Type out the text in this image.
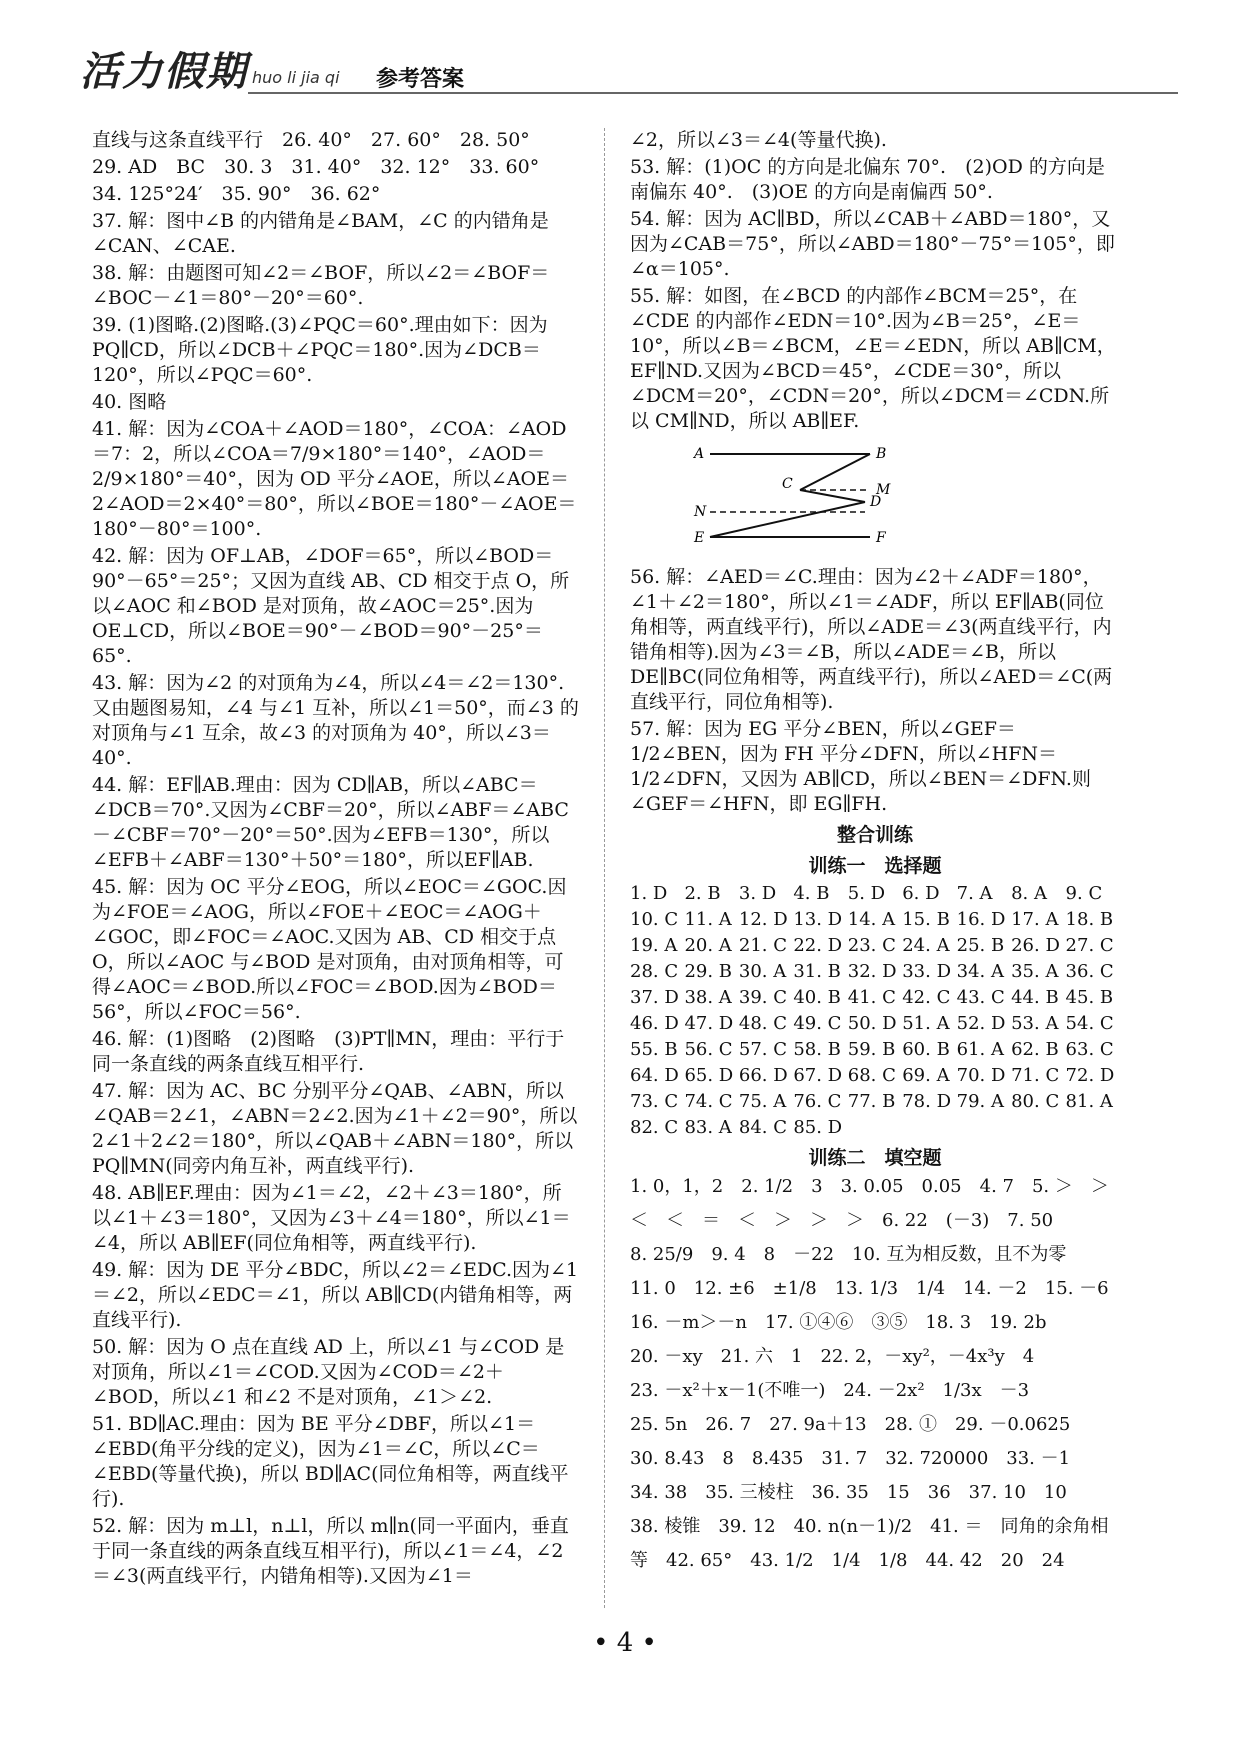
活力假期 huo li jia qi 参考答案
直线与这条直线平行　26. 40°　27. 60°　28. 50°
29. AD　BC　30. 3　31. 40°　32. 12°　33. 60°
34. 125°24′　35. 90°　36. 62°
37. 解：图中∠B 的内错角是∠BAM，∠C 的内错角是∠CAN、∠CAE.
38. 解：由题图可知∠2＝∠BOF，所以∠2＝∠BOF＝∠BOC－∠1＝80°－20°＝60°.
39. (1)图略.(2)图略.(3)∠PQC＝60°.理由如下：因为PQ∥CD，所以∠DCB＋∠PQC＝180°.因为∠DCB＝120°，所以∠PQC＝60°.
40. 图略
41. 解：因为∠COA＋∠AOD＝180°，∠COA：∠AOD＝7：2，所以∠COA＝7/9×180°＝140°，∠AOD＝2/9×180°＝40°，因为 OD 平分∠AOE，所以∠AOE＝2∠AOD＝2×40°＝80°，所以∠BOE＝180°－∠AOE＝180°－80°＝100°.
42. 解：因为 OF⊥AB，∠DOF＝65°，所以∠BOD＝90°－65°＝25°；又因为直线 AB、CD 相交于点 O，所以∠AOC 和∠BOD 是对顶角，故∠AOC＝25°.因为OE⊥CD，所以∠BOE＝90°－∠BOD＝90°－25°＝65°.
43. 解：因为∠2 的对顶角为∠4，所以∠4＝∠2＝130°.又由题图易知，∠4 与∠1 互补，所以∠1＝50°，而∠3 的对顶角与∠1 互余，故∠3 的对顶角为 40°，所以∠3＝40°.
44. 解：EF∥AB.理由：因为 CD∥AB，所以∠ABC＝∠DCB＝70°.又因为∠CBF＝20°，所以∠ABF＝∠ABC－∠CBF＝70°－20°＝50°.因为∠EFB＝130°，所以∠EFB＋∠ABF＝130°＋50°＝180°，所以EF∥AB.
45. 解：因为 OC 平分∠EOG，所以∠EOC＝∠GOC.因为∠FOE＝∠AOG，所以∠FOE＋∠EOC＝∠AOG＋∠GOC，即∠FOC＝∠AOC.又因为 AB、CD 相交于点O，所以∠AOC 与∠BOD 是对顶角，由对顶角相等，可得∠AOC＝∠BOD.所以∠FOC＝∠BOD.因为∠BOD＝56°，所以∠FOC＝56°.
46. 解：(1)图略　(2)图略　(3)PT∥MN，理由：平行于同一条直线的两条直线互相平行.
47. 解：因为 AC、BC 分别平分∠QAB、∠ABN，所以∠QAB＝2∠1，∠ABN＝2∠2.因为∠1＋∠2＝90°，所以 2∠1＋2∠2＝180°，所以∠QAB＋∠ABN＝180°，所以 PQ∥MN(同旁内角互补，两直线平行).
48. AB∥EF.理由：因为∠1＝∠2，∠2＋∠3＝180°，所以∠1＋∠3＝180°，又因为∠3＋∠4＝180°，所以∠1＝∠4，所以 AB∥EF(同位角相等，两直线平行).
49. 解：因为 DE 平分∠BDC，所以∠2＝∠EDC.因为∠1＝∠2，所以∠EDC＝∠1，所以 AB∥CD(内错角相等，两直线平行).
50. 解：因为 O 点在直线 AD 上，所以∠1 与∠COD 是对顶角，所以∠1＝∠COD.又因为∠COD＝∠2＋∠BOD，所以∠1 和∠2 不是对顶角，∠1＞∠2.
51. BD∥AC.理由：因为 BE 平分∠DBF，所以∠1＝∠EBD(角平分线的定义)，因为∠1＝∠C，所以∠C＝∠EBD(等量代换)，所以 BD∥AC(同位角相等，两直线平行).
52. 解：因为 m⊥l，n⊥l，所以 m∥n(同一平面内，垂直于同一条直线的两条直线互相平行)，所以∠1＝∠4，∠2＝∠3(两直线平行，内错角相等).又因为∠1＝
∠2，所以∠3＝∠4(等量代换).
53. 解：(1)OC 的方向是北偏东 70°.　(2)OD 的方向是南偏东 40°.　(3)OE 的方向是南偏西 50°.
54. 解：因为 AC∥BD，所以∠CAB＋∠ABD＝180°，又因为∠CAB＝75°，所以∠ABD＝180°－75°＝105°，即∠α＝105°.
55. 解：如图，在∠BCD 的内部作∠BCM＝25°，在∠CDE 的内部作∠EDN＝10°.因为∠B＝25°，∠E＝10°，所以∠B＝∠BCM，∠E＝∠EDN，所以 AB∥CM，EF∥ND.又因为∠BCD＝45°，∠CDE＝30°，所以∠DCM＝20°，∠CDN＝20°，所以∠DCM＝∠CDN.所以 CM∥ND，所以 AB∥EF.
A	B
C	M
N
D
E	F
56. 解：∠AED＝∠C.理由：因为∠2＋∠ADF＝180°，∠1＋∠2＝180°，所以∠1＝∠ADF，所以 EF∥AB(同位角相等，两直线平行)，所以∠ADE＝∠3(两直线平行，内错角相等).因为∠3＝∠B，所以∠ADE＝∠B，所以 DE∥BC(同位角相等，两直线平行)，所以∠AED＝∠C(两直线平行，同位角相等).
57. 解：因为 EG 平分∠BEN，所以∠GEF＝1/2∠BEN，因为 FH 平分∠DFN，所以∠HFN＝1/2∠DFN，又因为 AB∥CD，所以∠BEN＝∠DFN.则∠GEF＝∠HFN，即 EG∥FH.
整合训练
训练一　选择题
1. D 2. B	3. D 4. B	5. D 6. D 7. A	8. A	9. C
10. C 11. A 12. D 13. D 14. A 15. B 16. D 17. A 18. B
19. A 20. A 21. C 22. D 23. C 24. A 25. B 26. D 27. C
28. C 29. B 30. A 31. B 32. D 33. D 34. A 35. A 36. C
37. D 38. A 39. C 40. B 41. C 42. C 43. C 44. B 45. B
46. D 47. D 48. C 49. C 50. D 51. A 52. D 53. A 54. C
55. B 56. C 57. C 58. B 59. B 60. B 61. A 62. B 63. C
64. D 65. D 66. D 67. D 68. C 69. A 70. D 71. C 72. D
73. C 74. C 75. A 76. C 77. B 78. D 79. A 80. C 81. A
82. C 83. A 84. C 85. D
训练二　填空题
1. 0，1，2　2. 1/2　3　3. 0.05　0.05　4. 7　5. ＞　＞
＜　＜　＝　＜　＞　＞　＞　6. 22　(－3)　7. 50
8. 25/9　9. 4　8　－22　10. 互为相反数，且不为零
11. 0　12. ±6　±1/8　13. 1/3　1/4　14. －2　15. －6
16. －m＞－n　17. ①④⑥　③⑤　18. 3　19. 2b
20. －xy　21. 六　1　22. 2，－xy²，－4x³y　4
23. －x²＋x－1(不唯一)　24. －2x²　1/3x　－3
25. 5n　26. 7　27. 9a＋13　28. ①　29. －0.0625
30. 8.43　8　8.435　31. 7　32. 720000　33. －1
34. 38　35. 三棱柱　36. 35　15　36　37. 10　10
38. 棱锥　39. 12　40. n(n－1)/2　41. ＝　同角的余角相
等　42. 65°　43. 1/2　1/4　1/8　44. 42　20　24
• 4 •
